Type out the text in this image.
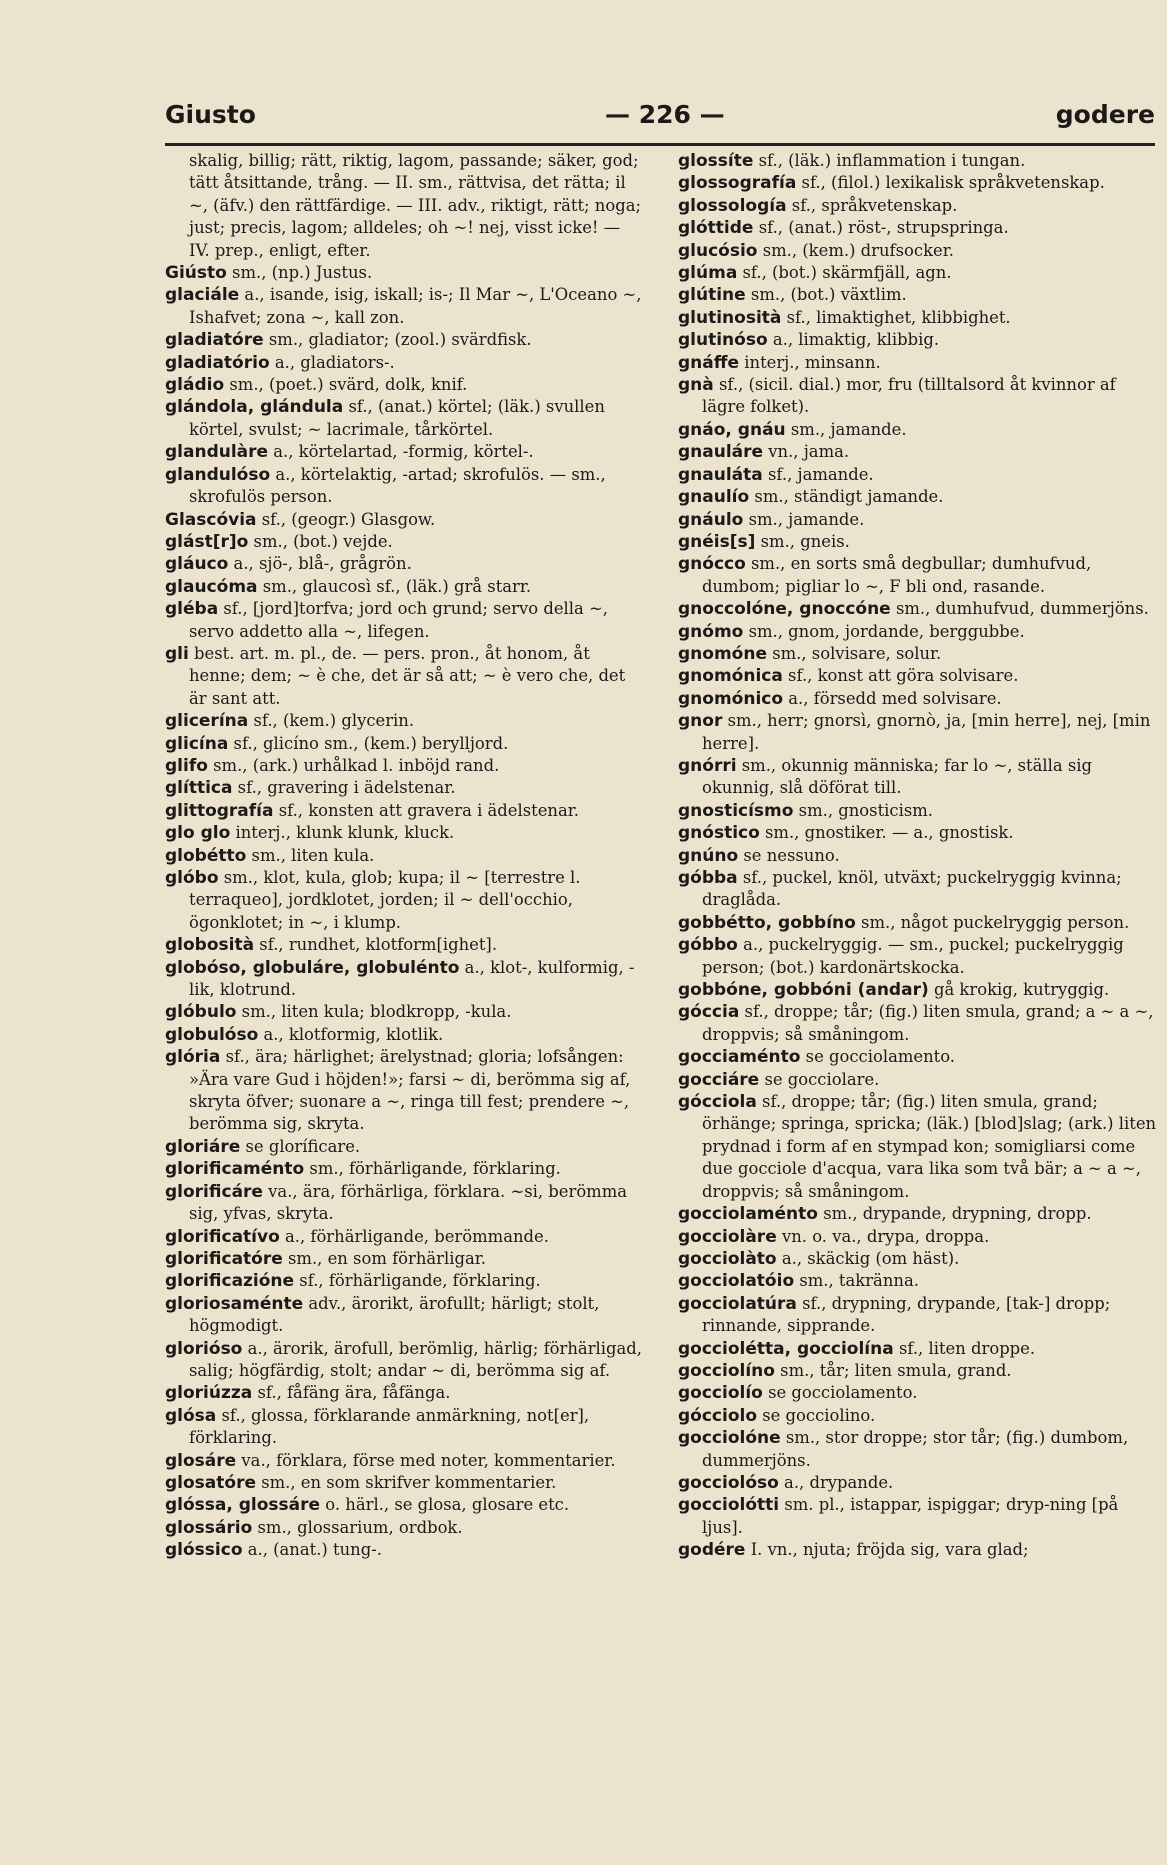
Giusto	— 226 —	godere

skalig, billig; rätt, riktig, lagom, passande; säker, god; tätt åtsittande, trång. — II. sm., rättvisa, det rätta; il ~, (äfv.) den rättfärdige. — III. adv., riktigt, rätt; noga; just; precis, lagom; alldeles; oh ~! nej, visst icke! — IV. prep., enligt, efter.

Giústo sm., (np.) Justus.

glaciále a., isande, isig, iskall; is-; Il Mar ~, L'Oceano ~, Ishafvet; zona ~, kall zon.

gladiatóre sm., gladiator; (zool.) svärdfisk.

gladiatório a., gladiators-.

gládio sm., (poet.) svärd, dolk, knif.

glándola, glándula sf., (anat.) körtel; (läk.) svullen körtel, svulst; ~ lacrimale, tårkörtel.

glandulàre a., körtelartad, -formig, körtel-.

glandulóso a., körtelaktig, -artad; skrofulös. — sm., skrofulös person.

Glascóvia sf., (geogr.) Glasgow.

glást[r]o sm., (bot.) vejde.

gláuco a., sjö-, blå-, grågrön.

glaucóma sm., glaucosì sf., (läk.) grå starr.

gléba sf., [jord]torfva; jord och grund; servo della ~, servo addetto alla ~, lifegen.

gli best. art. m. pl., de. — pers. pron., åt honom, åt henne; dem; ~ è che, det är så att; ~ è vero che, det är sant att.

glicerína sf., (kem.) glycerin.

glicína sf., glicíno sm., (kem.) berylljord.

glifo sm., (ark.) urhålkad l. inböjd rand.

glíttica sf., gravering i ädelstenar.

glittografía sf., konsten att gravera i ädelstenar.

glo glo interj., klunk klunk, kluck.

globétto sm., liten kula.

glóbo sm., klot, kula, glob; kupa; il ~ [terrestre l. terraqueo], jordklotet, jorden; il ~ dell'occhio, ögonklotet; in ~, i klump.

globosità sf., rundhet, klotform[ighet].

globóso, globuláre, globulénto a., klot-, kulformig, -lik, klotrund.

glóbulo sm., liten kula; blodkropp, -kula.

globulóso a., klotformig, klotlik.

glória sf., ära; härlighet; ärelystnad; gloria; lofsången: »Ära vare Gud i höjden!»; farsi ~ di, berömma sig af, skryta öfver; suonare a ~, ringa till fest; prendere ~, berömma sig, skryta.

gloriáre se gloríficare.

glorificaménto sm., förhärligande, förklaring.

glorificáre va., ära, förhärliga, förklara. ~si, berömma sig, yfvas, skryta.

glorificatívo a., förhärligande, berömmande.

glorificatóre sm., en som förhärligar.

glorificazióne sf., förhärligande, förklaring.

gloriosaménte adv., ärorikt, ärofullt; härligt; stolt, högmodigt.

glorióso a., ärorik, ärofull, berömlig, härlig; förhärligad, salig; högfärdig, stolt; andar ~ di, berömma sig af.

gloriúzza sf., fåfäng ära, fåfänga.

glósa sf., glossa, förklarande anmärkning, not[er], förklaring.

glosáre va., förklara, förse med noter, kommentarier.

glosatóre sm., en som skrifver kommentarier.

glóssa, glossáre o. härl., se glosa, glosare etc.

glossário sm., glossarium, ordbok.

glóssico a., (anat.) tung-.

glossíte sf., (läk.) inflammation i tungan.

glossografía sf., (filol.) lexikalisk språkvetenskap.

glossología sf., språkvetenskap.

glóttide sf., (anat.) röst-, strupspringa.

glucósio sm., (kem.) drufsocker.

glúma sf., (bot.) skärmfjäll, agn.

glútine sm., (bot.) växtlim.

glutinosità sf., limaktighet, klibbighet.

glutinóso a., limaktig, klibbig.

gnáffe interj., minsann.

gnà sf., (sicil. dial.) mor, fru (tilltalsord åt kvinnor af lägre folket).

gnáo, gnáu sm., jamande.

gnauláre vn., jama.

gnauláta sf., jamande.

gnaulío sm., ständigt jamande.

gnáulo sm., jamande.

gnéis[s] sm., gneis.

gnócco sm., en sorts små degbullar; dumhufvud, dumbom; pigliar lo ~, F bli ond, rasande.

gnoccolóne, gnoccóne sm., dumhufvud, dummerjöns.

gnómo sm., gnom, jordande, berggubbe.

gnomóne sm., solvisare, solur.

gnomónica sf., konst att göra solvisare.

gnomónico a., försedd med solvisare.

gnor sm., herr; gnorsì, gnornò, ja, [min herre], nej, [min herre].

gnórri sm., okunnig människa; far lo ~, ställa sig okunnig, slå döförat till.

gnosticísmo sm., gnosticism.

gnóstico sm., gnostiker. — a., gnostisk.

gnúno se nessuno.

góbba sf., puckel, knöl, utväxt; puckelryggig kvinna; draglåda.

gobbétto, gobbíno sm., något puckelryggig person.

góbbo a., puckelryggig. — sm., puckel; puckelryggig person; (bot.) kardonärtskocka.

gobbóne, gobbóni (andar) gå krokig, kutryggig.

góccia sf., droppe; tår; (fig.) liten smula, grand; a ~ a ~, droppvis; så småningom.

gocciaménto se gocciolamento.

gocciáre se gocciolare.

gócciola sf., droppe; tår; (fig.) liten smula, grand; örhänge; springa, spricka; (läk.) [blod]slag; (ark.) liten prydnad i form af en stympad kon; somigliarsi come due gocciole d'acqua, vara lika som två bär; a ~ a ~, droppvis; så småningom.

gocciolaménto sm., drypande, drypning, dropp.

gocciolàre vn. o. va., drypa, droppa.

gocciolàto a., skäckig (om häst).

gocciolatóio sm., takränna.

gocciolatúra sf., drypning, drypande, [tak-] dropp; rinnande, sipprande.

gocciolétta, gocciolína sf., liten droppe.

gocciolíno sm., tår; liten smula, grand.

gocciolío se gocciolamento.

gócciolo se gocciolino.

gocciolóne sm., stor droppe; stor tår; (fig.) dumbom, dummerjöns.

gocciolóso a., drypande.

gocciolótti sm. pl., istappar, ispiggar; dryp-ning [på ljus].

godére I. vn., njuta; fröjda sig, vara glad;
